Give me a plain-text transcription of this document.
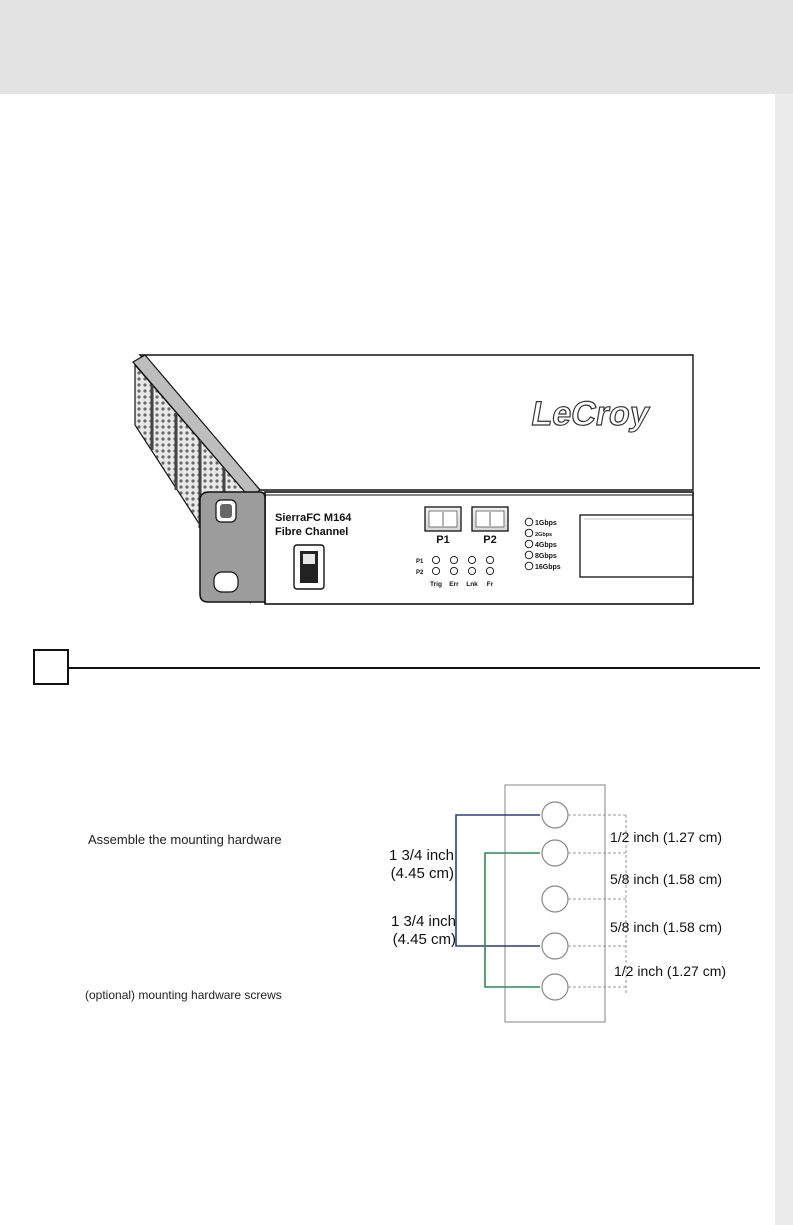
LeCroy
SierraFC M164
Fibre Channel
P1	P2
P1
P2
Trig Err Lnk Fr
1Gbps
2Gbps
4Gbps
8Gbps
16Gbps
Assemble the mounting hardware
(optional) mounting hardware screws
1 3/4 inch
(4.45 cm)
1 3/4 inch
(4.45 cm)
1/2 inch (1.27 cm)
5/8 inch (1.58 cm)
5/8 inch (1.58 cm)
1/2 inch (1.27 cm)
